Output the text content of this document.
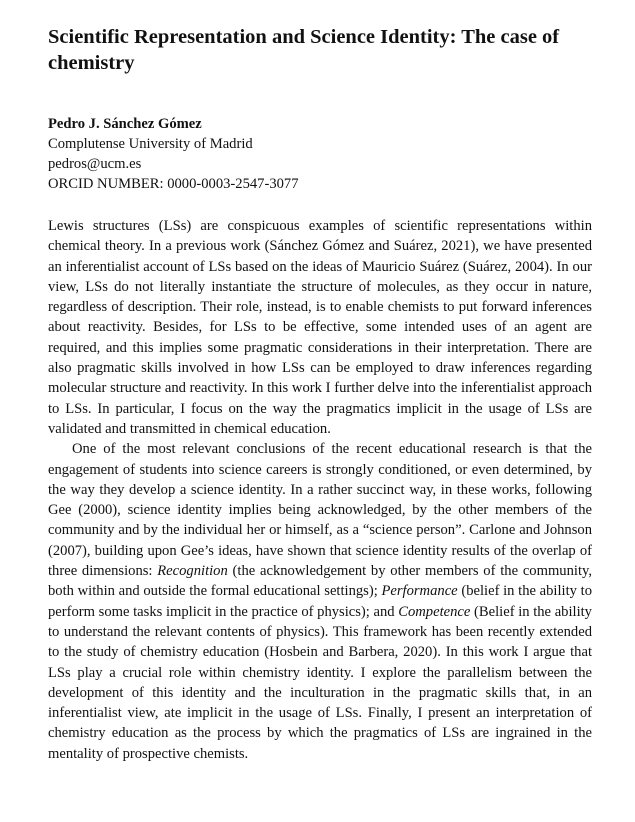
Scientific Representation and Science Identity: The case of chemistry
Pedro J. Sánchez Gómez
Complutense University of Madrid
pedros@ucm.es
ORCID NUMBER: 0000-0003-2547-3077

Lewis structures (LSs) are conspicuous examples of scientific representations within chemical theory. In a previous work (Sánchez Gómez and Suárez, 2021), we have presented an inferentialist account of LSs based on the ideas of Mauricio Suárez (Suárez, 2004). In our view, LSs do not literally instantiate the structure of molecules, as they occur in nature, regardless of description. Their role, instead, is to enable chemists to put forward inferences about reactivity. Besides, for LSs to be effective, some intended uses of an agent are required, and this implies some pragmatic considerations in their interpretation. There are also pragmatic skills involved in how LSs can be employed to draw inferences regarding molecular structure and reactivity. In this work I further delve into the inferentialist approach to LSs. In particular, I focus on the way the pragmatics implicit in the usage of LSs are validated and transmitted in chemical education.

One of the most relevant conclusions of the recent educational research is that the engagement of students into science careers is strongly conditioned, or even determined, by the way they develop a science identity. In a rather succinct way, in these works, following Gee (2000), science identity implies being acknowledged, by the other members of the community and by the individual her or himself, as a “science person”. Carlone and Johnson (2007), building upon Gee’s ideas, have shown that science identity results of the overlap of three dimensions: Recognition (the acknowledgement by other members of the community, both within and outside the formal educational settings); Performance (belief in the ability to perform some tasks implicit in the practice of physics); and Competence (Belief in the ability to understand the relevant contents of physics). This framework has been recently extended to the study of chemistry education (Hosbein and Barbera, 2020). In this work I argue that LSs play a crucial role within chemistry identity. I explore the parallelism between the development of this identity and the inculturation in the pragmatic skills that, in an inferentialist view, ate implicit in the usage of LSs. Finally, I present an interpretation of chemistry education as the process by which the pragmatics of LSs are ingrained in the mentality of prospective chemists.
